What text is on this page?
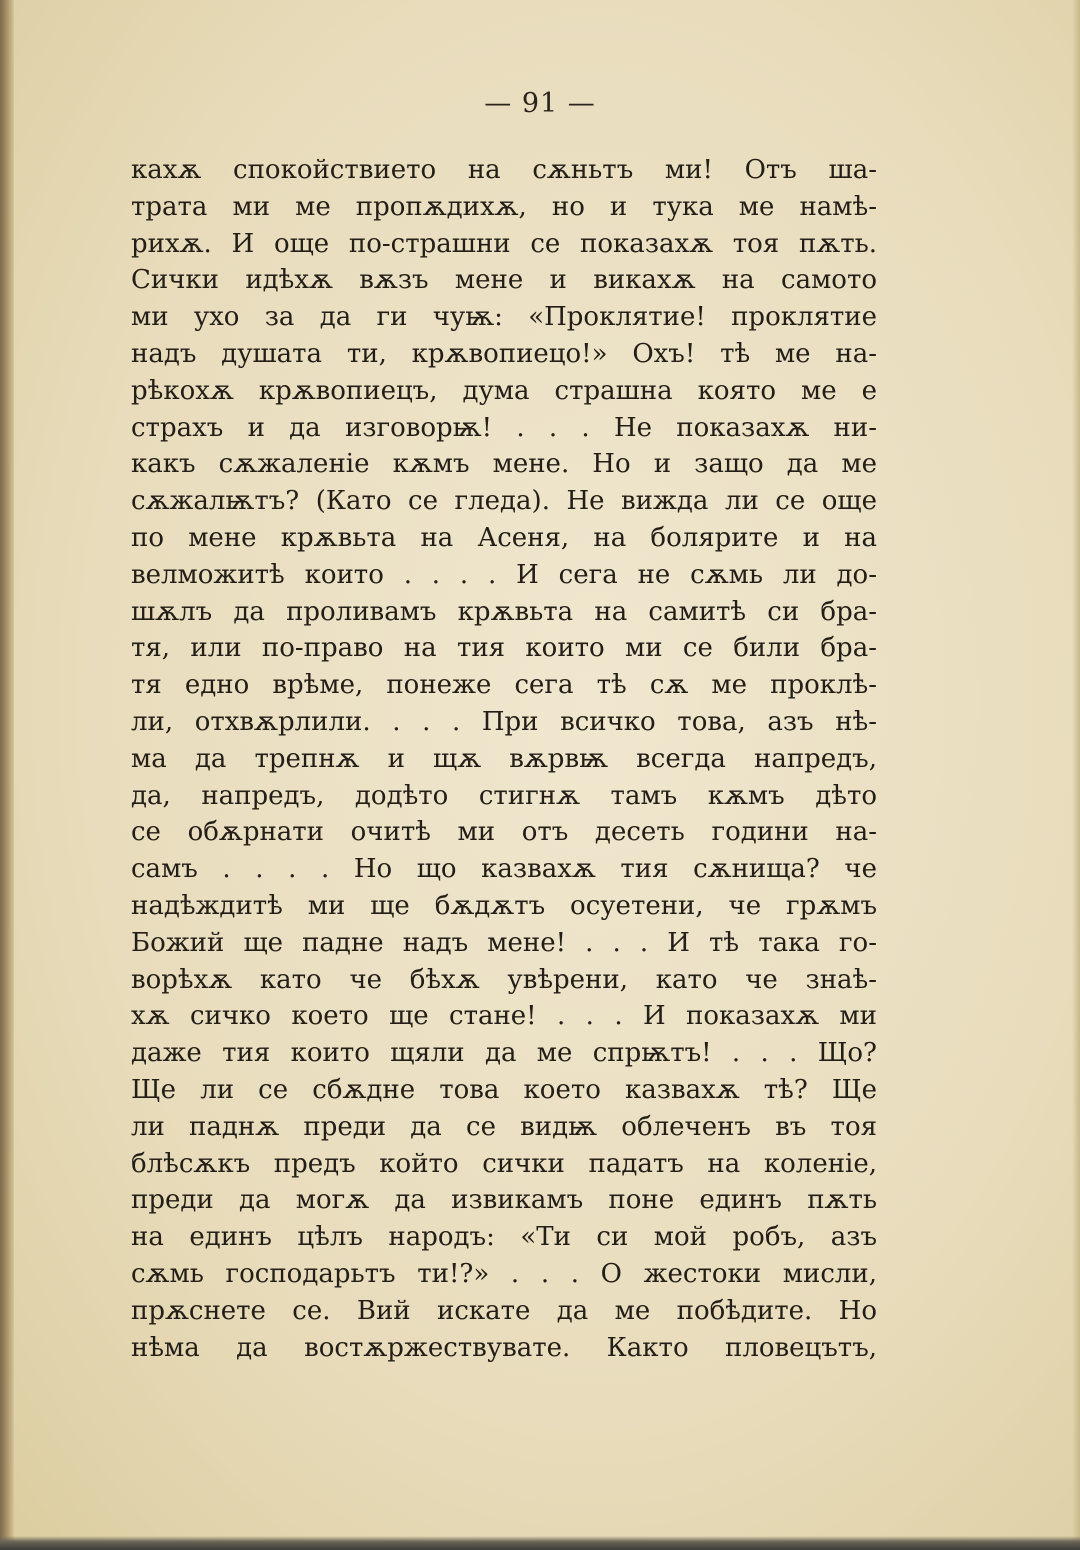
— 91 —
кахѫ спокойствието на сѫньтъ ми! Отъ ша-
трата ми ме пропѫдихѫ, но и тука ме намѣ-
рихѫ. И още по-страшни се показахѫ тоя пѫть.
Сички идѣхѫ вѫзъ мене и викахѫ на самото
ми ухо за да ги чуѭ: «Проклятие! проклятие
надъ душата ти, крѫвопиецо!» Охъ! тѣ ме на-
рѣкохѫ крѫвопиецъ, дума страшна която ме е
страхъ и да изговорѭ! . . . Не показахѫ ни-
какъ сѫжаленіе кѫмъ мене. Но и защо да ме
сѫжалѭтъ? (Като се гледа). Не виждa ли се още
по мене крѫвьта на Асеня, на болярите и на
велможитѣ които . . . . И сега не сѫмь ли до-
шѫлъ да проливамъ крѫвьта на самитѣ си бра-
тя, или по-право на тия които ми се били бра-
тя едно врѣме, понеже сега тѣ сѫ ме проклѣ-
ли, отхвѫрлили. . . . При всичко това, азъ нѣ-
ма да трепнѫ и щѫ вѫрвѭ всегда напредъ,
да, напредъ, додѣто стигнѫ тамъ кѫмъ дѣто
се обѫрнати очитѣ ми отъ десеть години на-
самъ . . . . Но що казвахѫ тия сѫнища? че
надѣждитѣ ми ще бѫдѫтъ осуетени, че грѫмъ
Божий ще падне надъ мене! . . . И тѣ така го-
ворѣхѫ като че бѣхѫ увѣрени, като че знаѣ-
хѫ сичко което ще стане! . . . И показахѫ ми
даже тия които щяли да ме спрѭтъ! . . . Що?
Ще ли се сбѫдне това което казвахѫ тѣ? Ще
ли паднѫ преди да се видѭ облеченъ въ тоя
блѣсѫкъ предъ който сички падатъ на коленіе,
преди да могѫ да извикамъ поне единъ пѫть
на единъ цѣлъ народъ: «Ти си мой робъ, азъ
сѫмь господарьтъ ти!?» . . . О жестоки мисли,
прѫснете се. Вий искате да ме побѣдите. Но
нѣма да востѫржествувате. Както пловецътъ,
